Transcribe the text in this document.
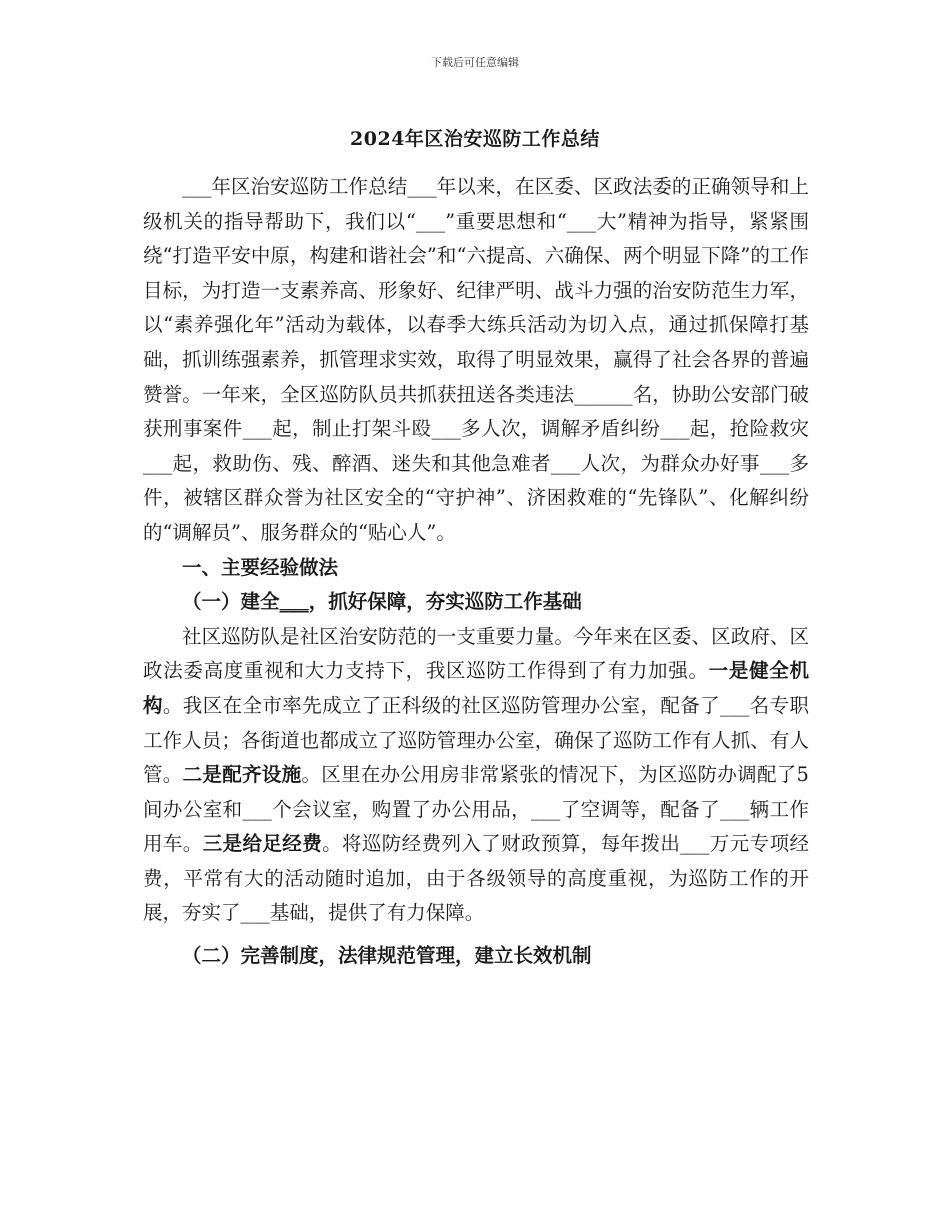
下载后可任意编辑
2024年区治安巡防工作总结

___年区治安巡防工作总结___年以来，在区委、区政法委的正确领导和上级机关的指导帮助下，我们以“___”重要思想和“___大”精神为指导，紧紧围绕“打造平安中原，构建和谐社会”和“六提高、六确保、两个明显下降”的工作目标，为打造一支素养高、形象好、纪律严明、战斗力强的治安防范生力军，以“素养强化年”活动为载体，以春季大练兵活动为切入点，通过抓保障打基础，抓训练强素养，抓管理求实效，取得了明显效果，赢得了社会各界的普遍赞誉。一年来，全区巡防队员共抓获扭送各类违法______名，协助公安部门破获刑事案件___起，制止打架斗殴___多人次，调解矛盾纠纷___起，抢险救灾___起，救助伤、残、醉酒、迷失和其他急难者___人次，为群众办好事___多件，被辖区群众誉为社区安全的“守护神”、济困救难的“先锋队”、化解纠纷的“调解员”、服务群众的“贴心人”。

一、主要经验做法

（一）建全___，抓好保障，夯实巡防工作基础

社区巡防队是社区治安防范的一支重要力量。今年来在区委、区政府、区政法委高度重视和大力支持下，我区巡防工作得到了有力加强。一是健全机构。我区在全市率先成立了正科级的社区巡防管理办公室，配备了___名专职工作人员；各街道也都成立了巡防管理办公室，确保了巡防工作有人抓、有人管。二是配齐设施。区里在办公用房非常紧张的情况下，为区巡防办调配了5间办公室和___个会议室，购置了办公用品，___了空调等，配备了___辆工作用车。三是给足经费。将巡防经费列入了财政预算，每年拨出___万元专项经费，平常有大的活动随时追加，由于各级领导的高度重视，为巡防工作的开展，夯实了___基础，提供了有力保障。

（二）完善制度，法律规范管理，建立长效机制
